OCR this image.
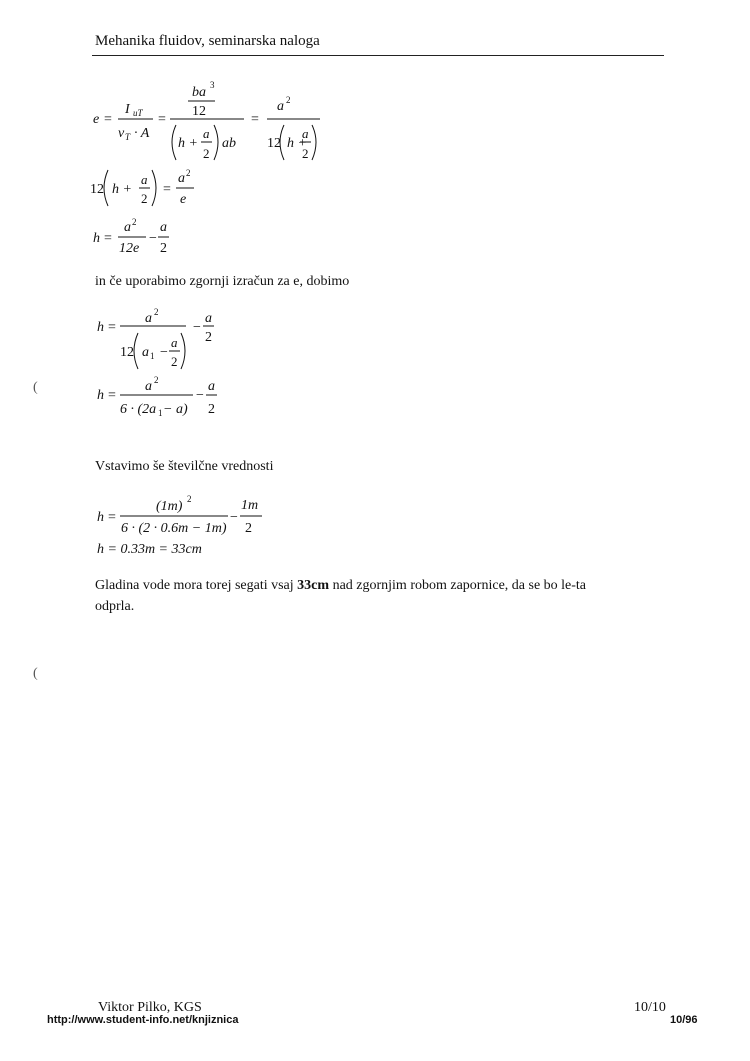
Mehanika fluidov, seminarska naloga
e =
I uT
v T · A
=
ba 3
12
h +
a
2
ab
=
a 2
12 h +
a
2
12 h +
a
2
=
a 2
e
h =
a 2
12e
−
a
2
h =
a 2
12 a 1 −
a
2
−
a
2
h =
a 2
6 · (2a 1 − a)
−
a
2
h =
(1m) 2
6 · (2 · 0.6m − 1m)
−
1m
2
h = 0.33m = 33cm
in če uporabimo zgornji izračun za e, dobimo
Vstavimo še številčne vrednosti
Gladina vode mora torej segati vsaj 33cm nad zgornjim robom zapornice, da se bo le-ta
odprla.
(
(
Viktor Pilko, KGS
http://www.student-info.net/knjiznica
10/10
10/96
